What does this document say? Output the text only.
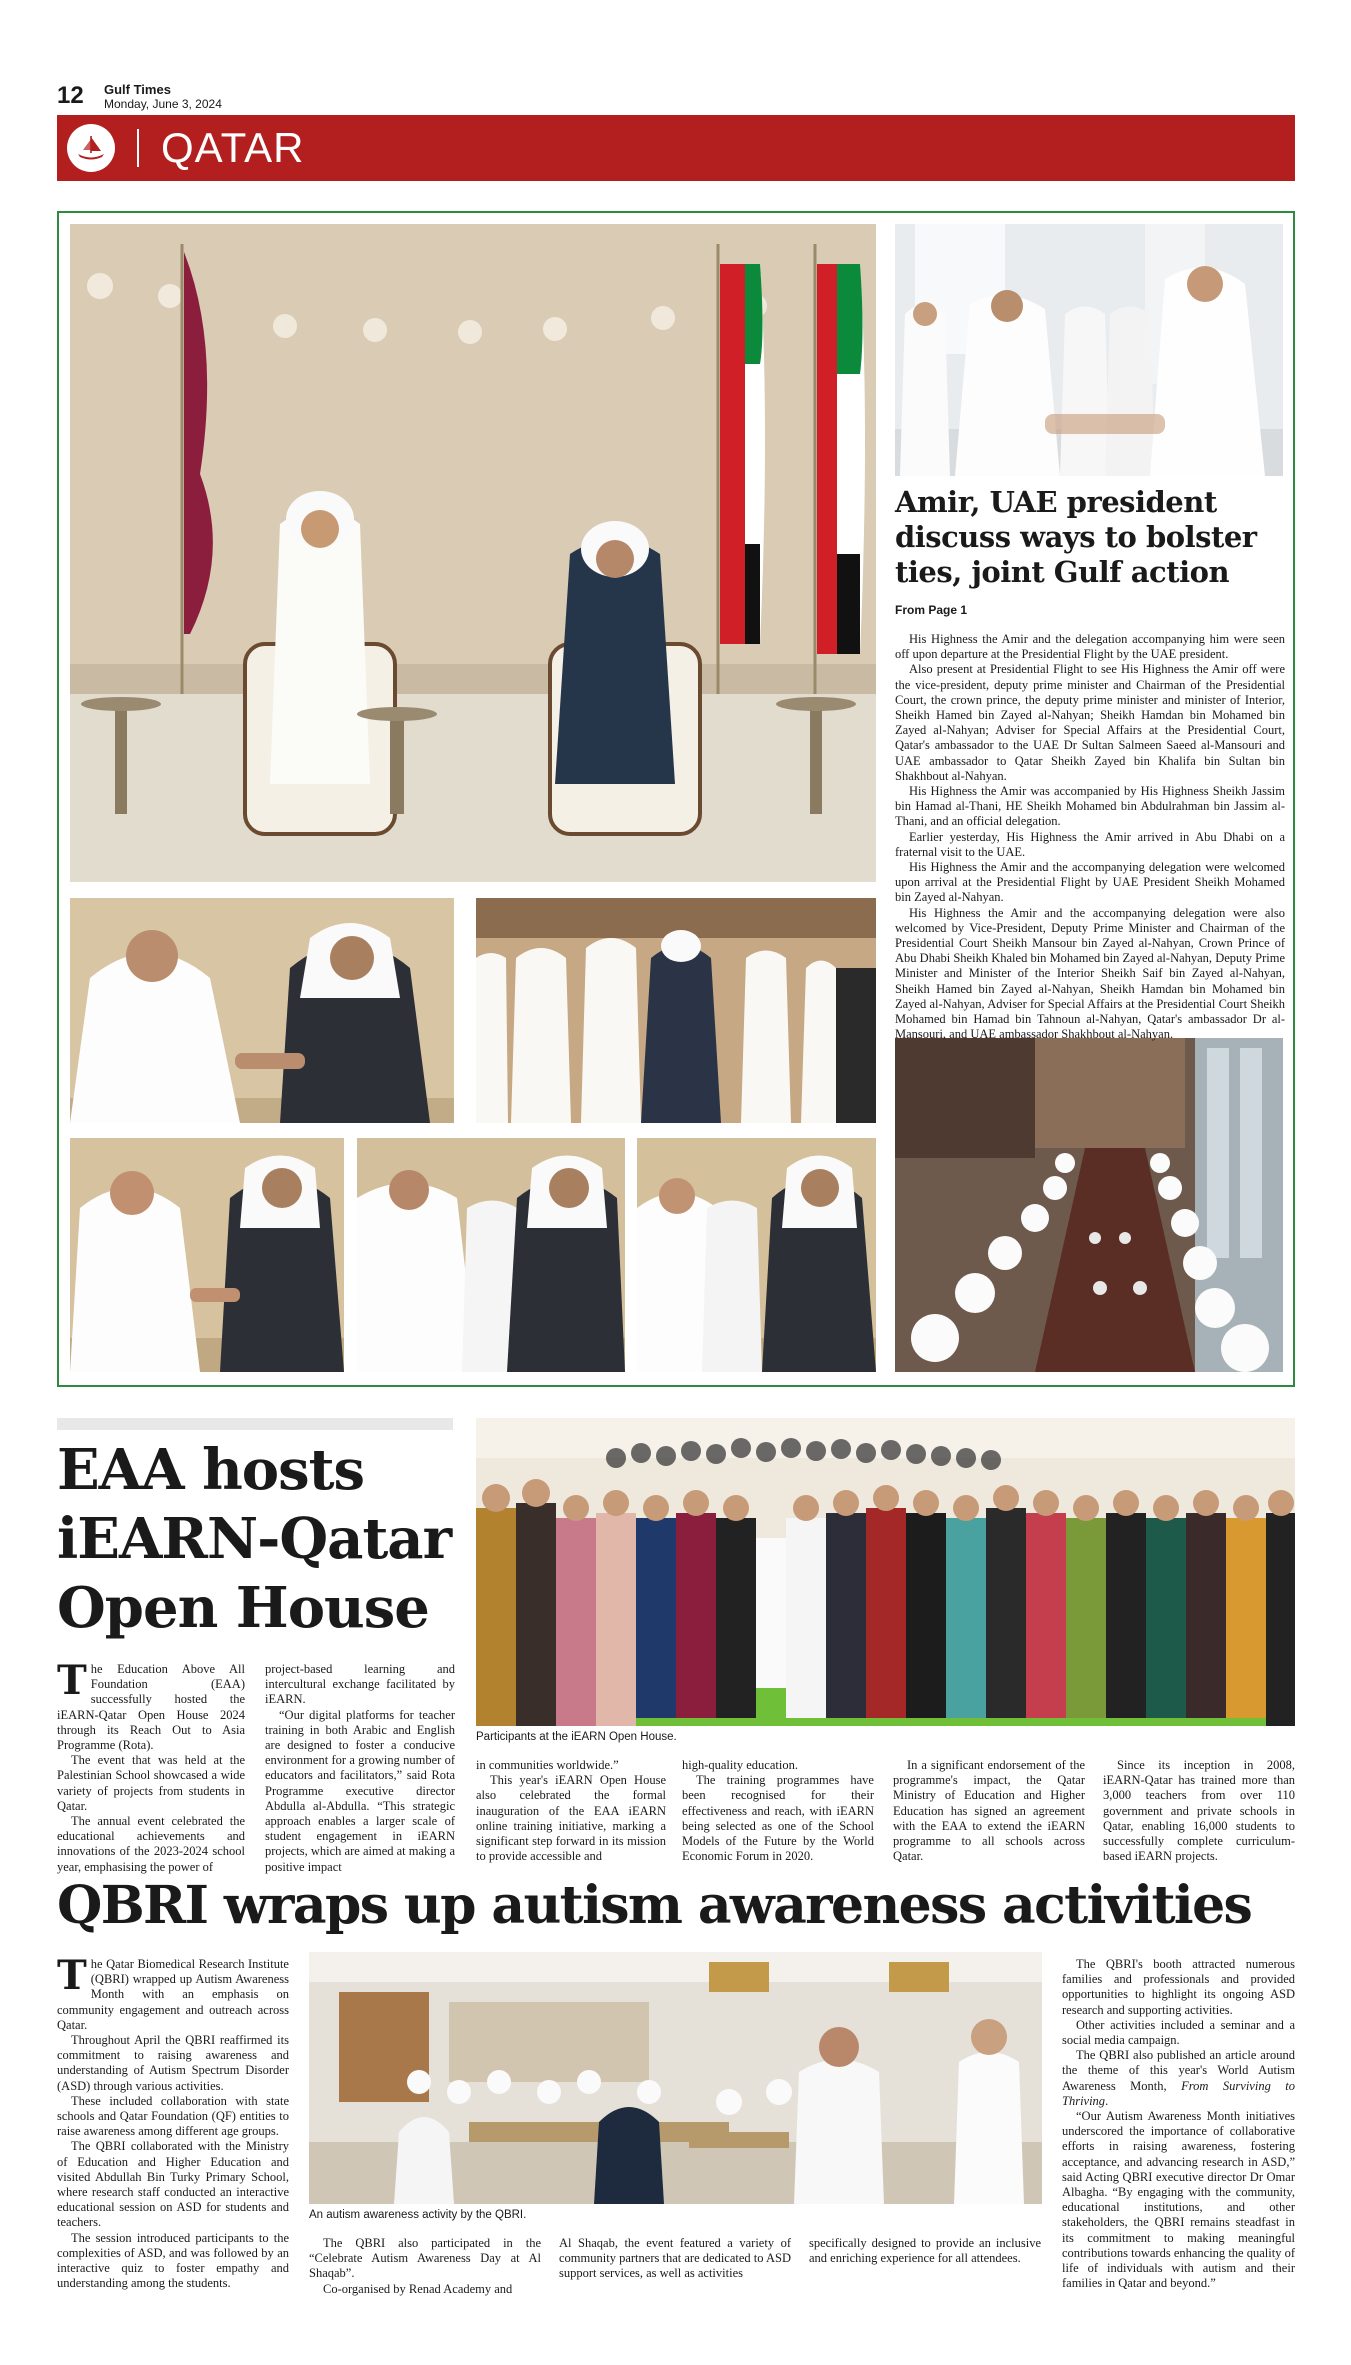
12 Gulf Times
Monday, June 3, 2024
QATAR
Amir, UAE president discuss ways to bolster ties, joint Gulf action
From Page 1

His Highness the Amir and the delegation accompanying him were seen off upon departure at the Presidential Flight by the UAE president.

Also present at Presidential Flight to see His Highness the Amir off were the vice-president, deputy prime minister and Chairman of the Presidential Court, the crown prince, the deputy prime minister and minister of Interior, Sheikh Hamed bin Zayed al-Nahyan; Sheikh Hamdan bin Mohamed bin Zayed al-Nahyan; Adviser for Special Affairs at the Presidential Court, Qatar's ambassador to the UAE Dr Sultan Salmeen Saeed al-Mansouri and UAE ambassador to Qatar Sheikh Zayed bin Khalifa bin Sultan bin Shakhbout al-Nahyan.

His Highness the Amir was accompanied by His Highness Sheikh Jassim bin Hamad al-Thani, HE Sheikh Mohamed bin Abdulrahman bin Jassim al-Thani, and an official delegation.

Earlier yesterday, His Highness the Amir arrived in Abu Dhabi on a fraternal visit to the UAE.

His Highness the Amir and the accompanying delegation were welcomed upon arrival at the Presidential Flight by UAE President Sheikh Mohamed bin Zayed al-Nahyan.

His Highness the Amir and the accompanying delegation were also welcomed by Vice-President, Deputy Prime Minister and Chairman of the Presidential Court Sheikh Mansour bin Zayed al-Nahyan, Crown Prince of Abu Dhabi Sheikh Khaled bin Mohamed bin Zayed al-Nahyan, Deputy Prime Minister and Minister of the Interior Sheikh Saif bin Zayed al-Nahyan, Sheikh Hamed bin Zayed al-Nahyan, Sheikh Hamdan bin Mohamed bin Zayed al-Nahyan, Adviser for Special Affairs at the Presidential Court Sheikh Mohamed bin Hamad bin Tahnoun al-Nahyan, Qatar's ambassador Dr al-Mansouri, and UAE ambassador Shakhbout al-Nahyan.

EAA hosts iEARN-Qatar Open House
Participants at the iEARN Open House.

The Education Above All Foundation (EAA) successfully hosted the iEARN-Qatar Open House 2024 through its Reach Out to Asia Programme (Rota).

The event that was held at the Palestinian School showcased a wide variety of projects from students in Qatar.

The annual event celebrated the educational achievements and innovations of the 2023-2024 school year, emphasising the power of

project-based learning and intercultural exchange facilitated by iEARN.

“Our digital platforms for teacher training in both Arabic and English are designed to foster a conducive environment for a growing number of educators and facilitators,” said Rota Programme executive director Abdulla al-Abdulla. “This strategic approach enables a larger scale of student engagement in iEARN projects, which are aimed at making a positive impact

in communities worldwide.”

This year's iEARN Open House also celebrated the formal inauguration of the EAA iEARN online training initiative, marking a significant step forward in its mission to provide accessible and

high-quality education.

The training programmes have been recognised for their effectiveness and reach, with iEARN being selected as one of the School Models of the Future by the World Economic Forum in 2020.

In a significant endorsement of the programme's impact, the Qatar Ministry of Education and Higher Education has signed an agreement with the EAA to extend the iEARN programme to all schools across Qatar.

Since its inception in 2008, iEARN-Qatar has trained more than 3,000 teachers from over 110 government and private schools in Qatar, enabling 16,000 students to successfully complete curriculum-based iEARN projects.

QBRI wraps up autism awareness activities
An autism awareness activity by the QBRI.

The Qatar Biomedical Research Institute (QBRI) wrapped up Autism Awareness Month with an emphasis on community engagement and outreach across Qatar.

Throughout April the QBRI reaffirmed its commitment to raising awareness and understanding of Autism Spectrum Disorder (ASD) through various activities.

These included collaboration with state schools and Qatar Foundation (QF) entities to raise awareness among different age groups.

The QBRI collaborated with the Ministry of Education and Higher Education and visited Abdullah Bin Turky Primary School, where research staff conducted an interactive educational session on ASD for students and teachers.

The session introduced participants to the complexities of ASD, and was followed by an interactive quiz to foster empathy and understanding among the students.

The QBRI also participated in the “Celebrate Autism Awareness Day at Al Shaqab”.

Co-organised by Renad Academy and

Al Shaqab, the event featured a variety of community partners that are dedicated to ASD support services, as well as activities

specifically designed to provide an inclusive and enriching experience for all attendees.

The QBRI's booth attracted numerous families and professionals and provided opportunities to highlight its ongoing ASD research and supporting activities.

Other activities included a seminar and a social media campaign.

The QBRI also published an article around the theme of this year's World Autism Awareness Month, From Surviving to Thriving.

“Our Autism Awareness Month initiatives underscored the importance of collaborative efforts in raising awareness, fostering acceptance, and advancing research in ASD,” said Acting QBRI executive director Dr Omar Albagha. “By engaging with the community, educational institutions, and other stakeholders, the QBRI remains steadfast in its commitment to making meaningful contributions towards enhancing the quality of life of individuals with autism and their families in Qatar and beyond.”
